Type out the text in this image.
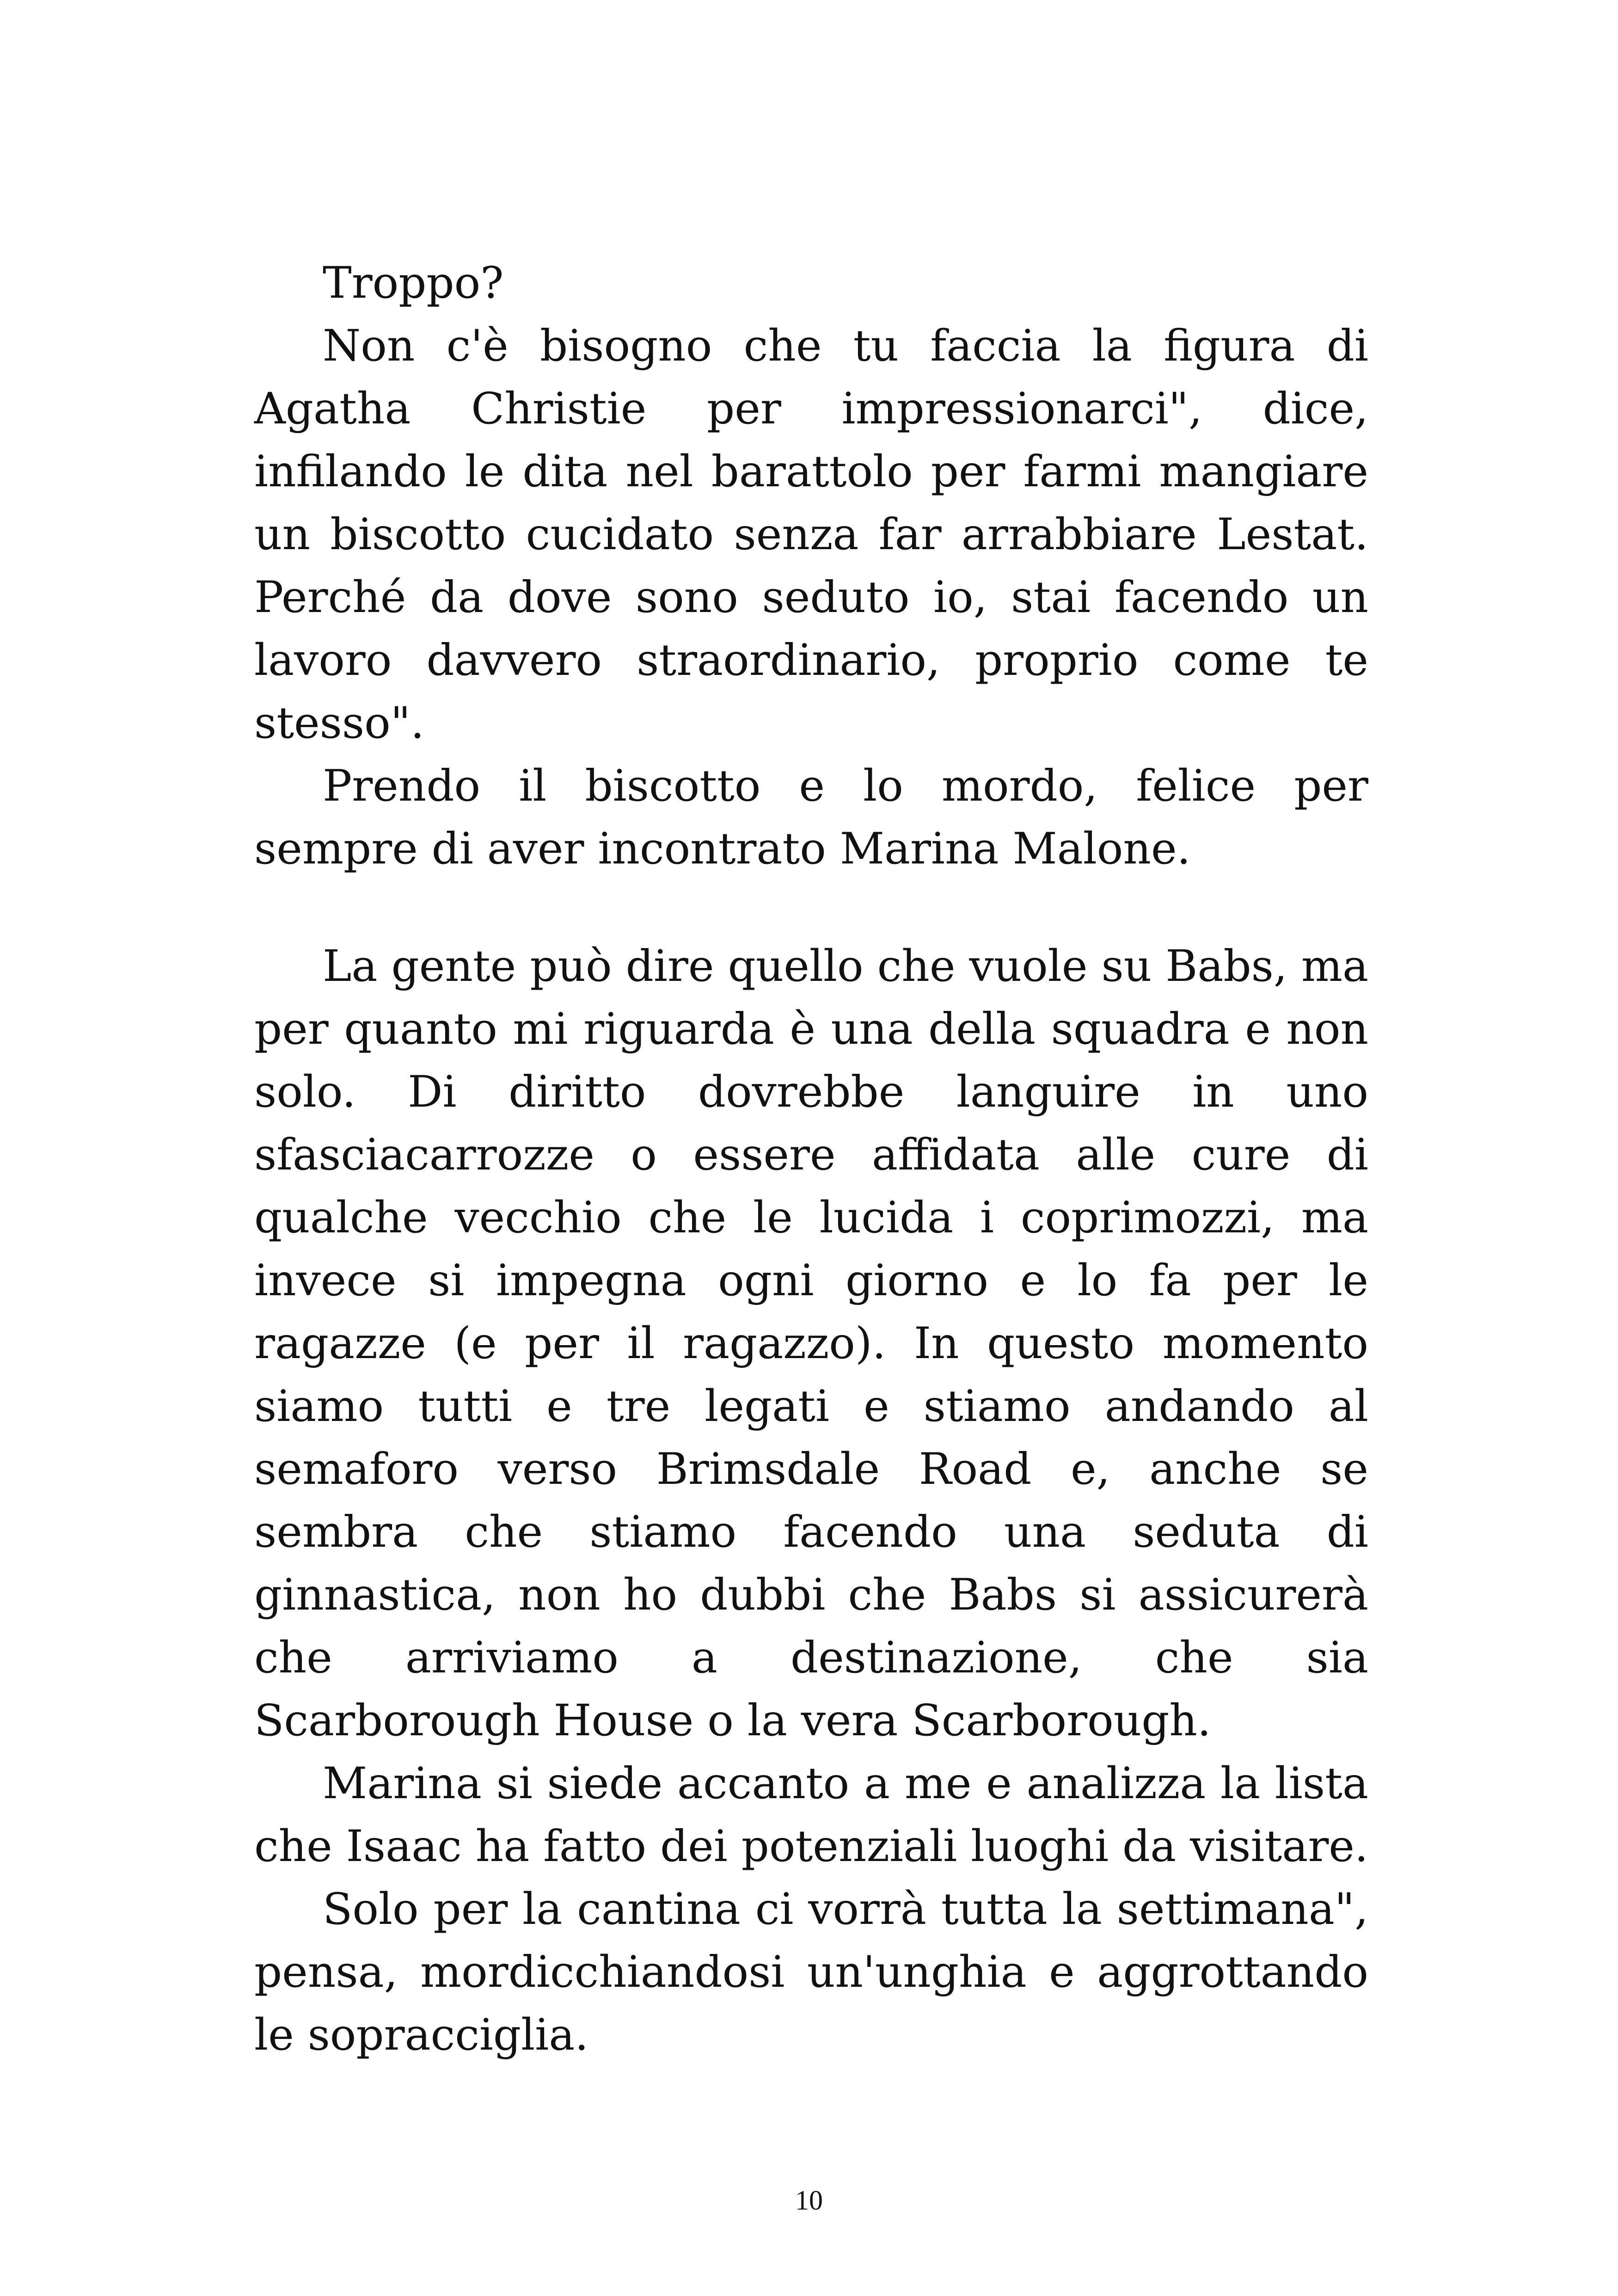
Troppo?

Non c'è bisogno che tu faccia la figura di Agatha Christie per impressionarci", dice, infilando le dita nel barattolo per farmi mangiare un biscotto cucidato senza far arrabbiare Lestat. Perché da dove sono seduto io, stai facendo un lavoro davvero straordinario, proprio come te stesso".

Prendo il biscotto e lo mordo, felice per sempre di aver incontrato Marina Malone.

La gente può dire quello che vuole su Babs, ma per quanto mi riguarda è una della squadra e non solo. Di diritto dovrebbe languire in uno sfasciacarrozze o essere affidata alle cure di qualche vecchio che le lucida i coprimozzi, ma invece si impegna ogni giorno e lo fa per le ragazze (e per il ragazzo). In questo momento siamo tutti e tre legati e stiamo andando al semaforo verso Brimsdale Road e, anche se sembra che stiamo facendo una seduta di ginnastica, non ho dubbi che Babs si assicurerà che arriviamo a destinazione, che sia Scarborough House o la vera Scarborough.

Marina si siede accanto a me e analizza la lista che Isaac ha fatto dei potenziali luoghi da visitare.

Solo per la cantina ci vorrà tutta la settimana", pensa, mordicchiandosi un'unghia e aggrottando le sopracciglia.

10
